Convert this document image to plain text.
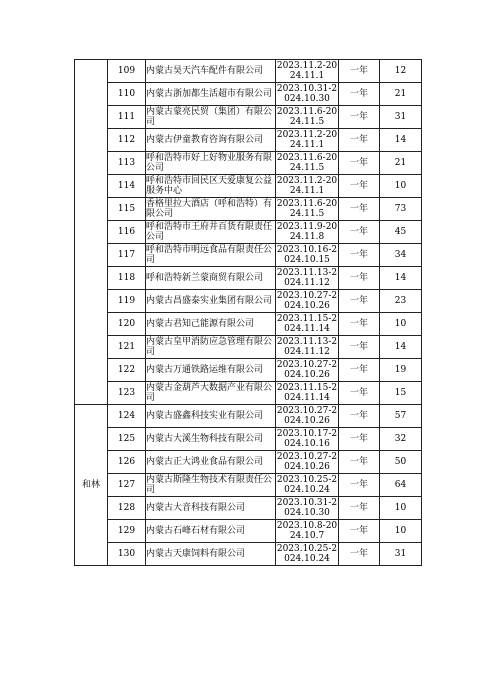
	109	内蒙古昊天汽车配件有限公司	2023.11.2-2024.11.1	一年	12
	110	内蒙古浙加都生活超市有限公司	2023.10.31-2024.10.30	一年	21
	111	内蒙古蒙亮民贸（集团）有限公司	2023.11.6-2024.11.5	一年	31
	112	内蒙古伊童教育咨询有限公司	2023.11.2-2024.11.1	一年	14
	113	呼和浩特市好上好物业服务有限公司	2023.11.6-2024.11.5	一年	21
	114	呼和浩特市回民区天爱康复公益服务中心	2023.11.2-2024.11.1	一年	10
	115	香格里拉大酒店（呼和浩特）有限公司	2023.11.6-2024.11.5	一年	73
	116	呼和浩特市王府井百货有限责任公司	2023.11.9-2024.11.8	一年	45
	117	呼和浩特市明远食品有限责任公司	2023.10.16-2024.10.15	一年	34
	118	呼和浩特新兰蒙商贸有限公司	2023.11.13-2024.11.12	一年	14
	119	内蒙古昌盛泰实业集团有限公司	2023.10.27-2024.10.26	一年	23
	120	内蒙古君知己能源有限公司	2023.11.15-2024.11.14	一年	10
	121	内蒙古皇甲消防应急管理有限公司	2023.11.13-2024.11.12	一年	14
	122	内蒙古万通铁路运维有限公司	2023.10.27-2024.10.26	一年	19
	123	内蒙古金葫芦大数据产业有限公司	2023.11.15-2024.11.14	一年	15
和林	124	内蒙古盛鑫科技实业有限公司	2023.10.27-2024.10.26	一年	57
	125	内蒙古大溪生物科技有限公司	2023.10.17-2024.10.16	一年	32
	126	内蒙古正大鸿业食品有限公司	2023.10.27-2024.10.26	一年	50
	127	内蒙古斯隆生物技术有限责任公司	2023.10.25-2024.10.24	一年	64
	128	内蒙古大音科技有限公司	2023.10.31-2024.10.30	一年	10
	129	内蒙古石峰石材有限公司	2023.10.8-2024.10.7	一年	10
	130	内蒙古天康饲料有限公司	2023.10.25-2024.10.24	一年	31
